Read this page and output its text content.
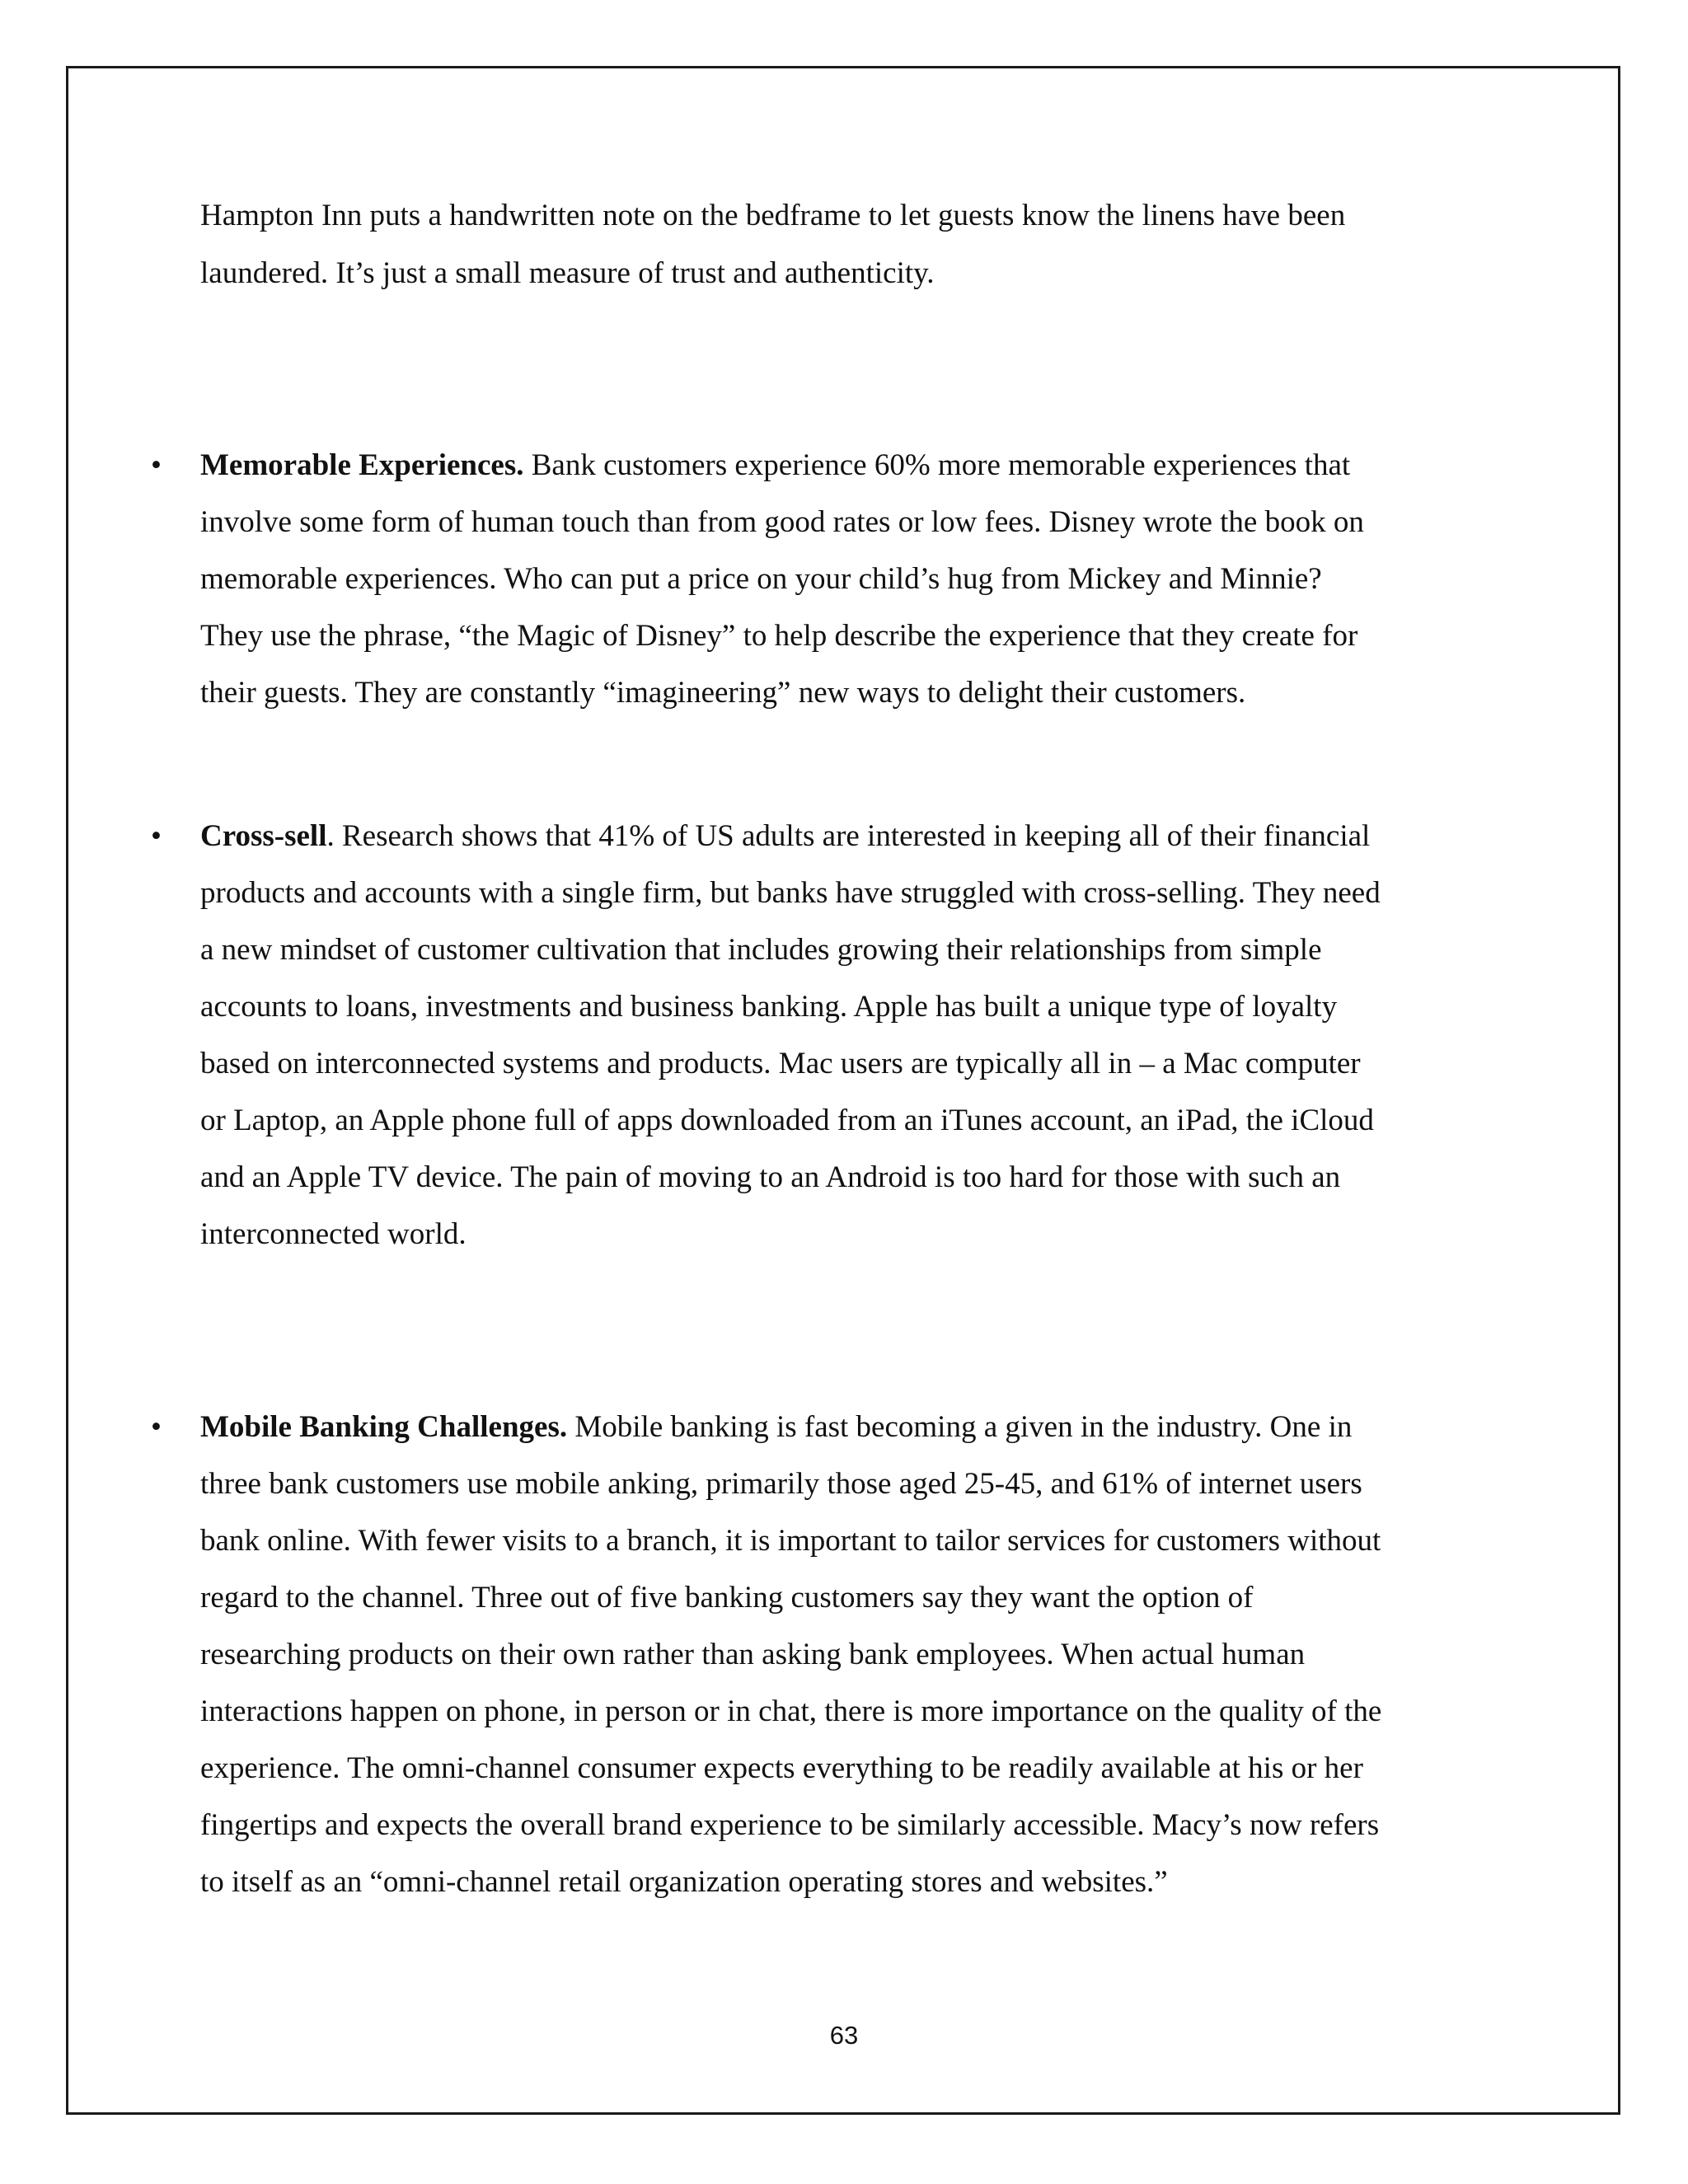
Hampton Inn puts a handwritten note on the bedframe to let guests know the linens have been

laundered. It’s just a small measure of trust and authenticity.

• Memorable Experiences. Bank customers experience 60% more memorable experiences that

involve some form of human touch than from good rates or low fees. Disney wrote the book on

memorable experiences. Who can put a price on your child’s hug from Mickey and Minnie?

They use the phrase, “the Magic of Disney” to help describe the experience that they create for

their guests. They are constantly “imagineering” new ways to delight their customers.

• Cross-sell. Research shows that 41% of US adults are interested in keeping all of their financial

products and accounts with a single firm, but banks have struggled with cross-selling. They need

a new mindset of customer cultivation that includes growing their relationships from simple

accounts to loans, investments and business banking. Apple has built a unique type of loyalty

based on interconnected systems and products. Mac users are typically all in – a Mac computer

or Laptop, an Apple phone full of apps downloaded from an iTunes account, an iPad, the iCloud

and an Apple TV device. The pain of moving to an Android is too hard for those with such an

interconnected world.

• Mobile Banking Challenges. Mobile banking is fast becoming a given in the industry. One in

three bank customers use mobile anking, primarily those aged 25-45, and 61% of internet users

bank online. With fewer visits to a branch, it is important to tailor services for customers without

regard to the channel. Three out of five banking customers say they want the option of

researching products on their own rather than asking bank employees. When actual human

interactions happen on phone, in person or in chat, there is more importance on the quality of the

experience. The omni-channel consumer expects everything to be readily available at his or her

fingertips and expects the overall brand experience to be similarly accessible. Macy’s now refers

to itself as an “omni-channel retail organization operating stores and websites.”

63
